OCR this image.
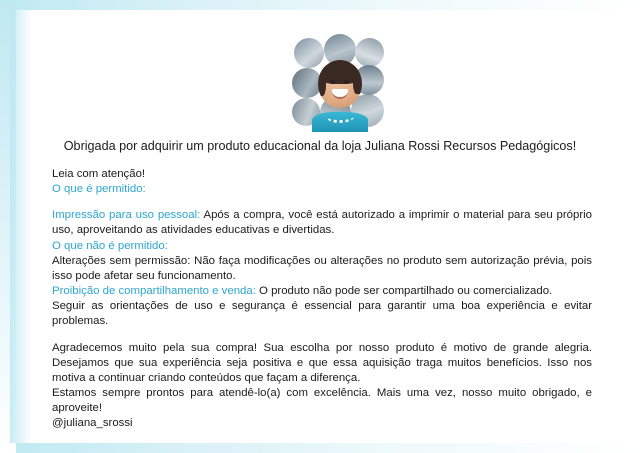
Obrigada por adquirir um produto educacional da loja Juliana Rossi Recursos Pedagógicos!

Leia com atenção!

O que é permitido:

Impressão para uso pessoal: Após a compra, você está autorizado a imprimir o material para seu próprio uso, aproveitando as atividades educativas e divertidas.

O que não é permitido:

Alterações sem permissão: Não faça modificações ou alterações no produto sem autorização prévia, pois isso pode afetar seu funcionamento.

Proibição de compartilhamento e venda: O produto não pode ser compartilhado ou comercializado.

Seguir as orientações de uso e segurança é essencial para garantir uma boa experiência e evitar problemas.

Agradecemos muito pela sua compra! Sua escolha por nosso produto é motivo de grande alegria. Desejamos que sua experiência seja positiva e que essa aquisição traga muitos benefícios. Isso nos motiva a continuar criando conteúdos que façam a diferença.

Estamos sempre prontos para atendê-lo(a) com excelência. Mais uma vez, nosso muito obrigado, e aproveite!

@juliana_srossi
